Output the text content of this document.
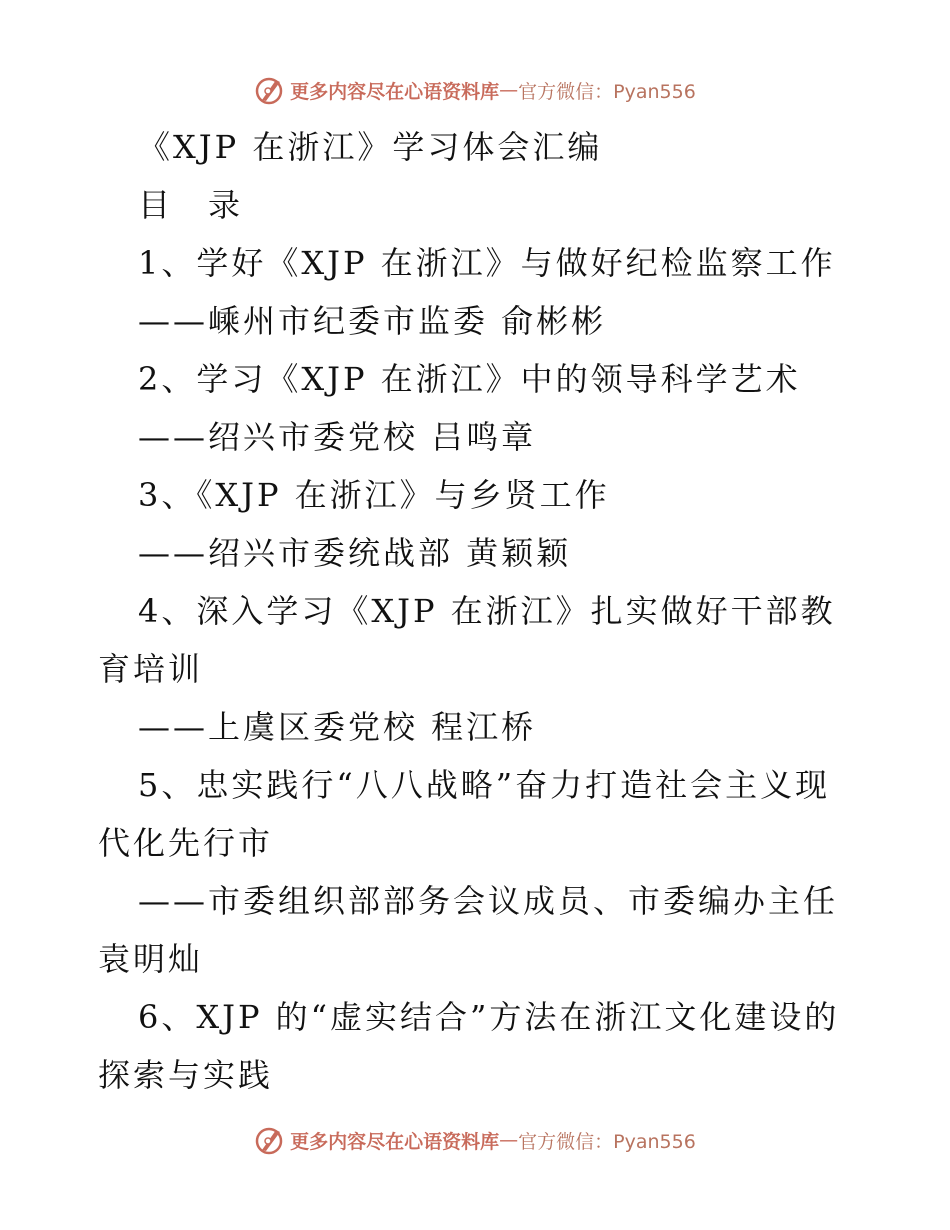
更多内容尽在心语资料库 — 官方微信：Pyan556

《XJP 在浙江》学习体会汇编

目　录

1、学好《XJP 在浙江》与做好纪检监察工作

——嵊州市纪委市监委 俞彬彬

2、学习《XJP 在浙江》中的领导科学艺术

——绍兴市委党校 吕鸣章

3、《XJP 在浙江》与乡贤工作

——绍兴市委统战部 黄颖颖

4、深入学习《XJP 在浙江》扎实做好干部教育培训

——上虞区委党校 程江桥

5、忠实践行“八八战略”奋力打造社会主义现代化先行市

——市委组织部部务会议成员、市委编办主任袁明灿

6、XJP 的“虚实结合”方法在浙江文化建设的探索与实践

更多内容尽在心语资料库 — 官方微信：Pyan556
